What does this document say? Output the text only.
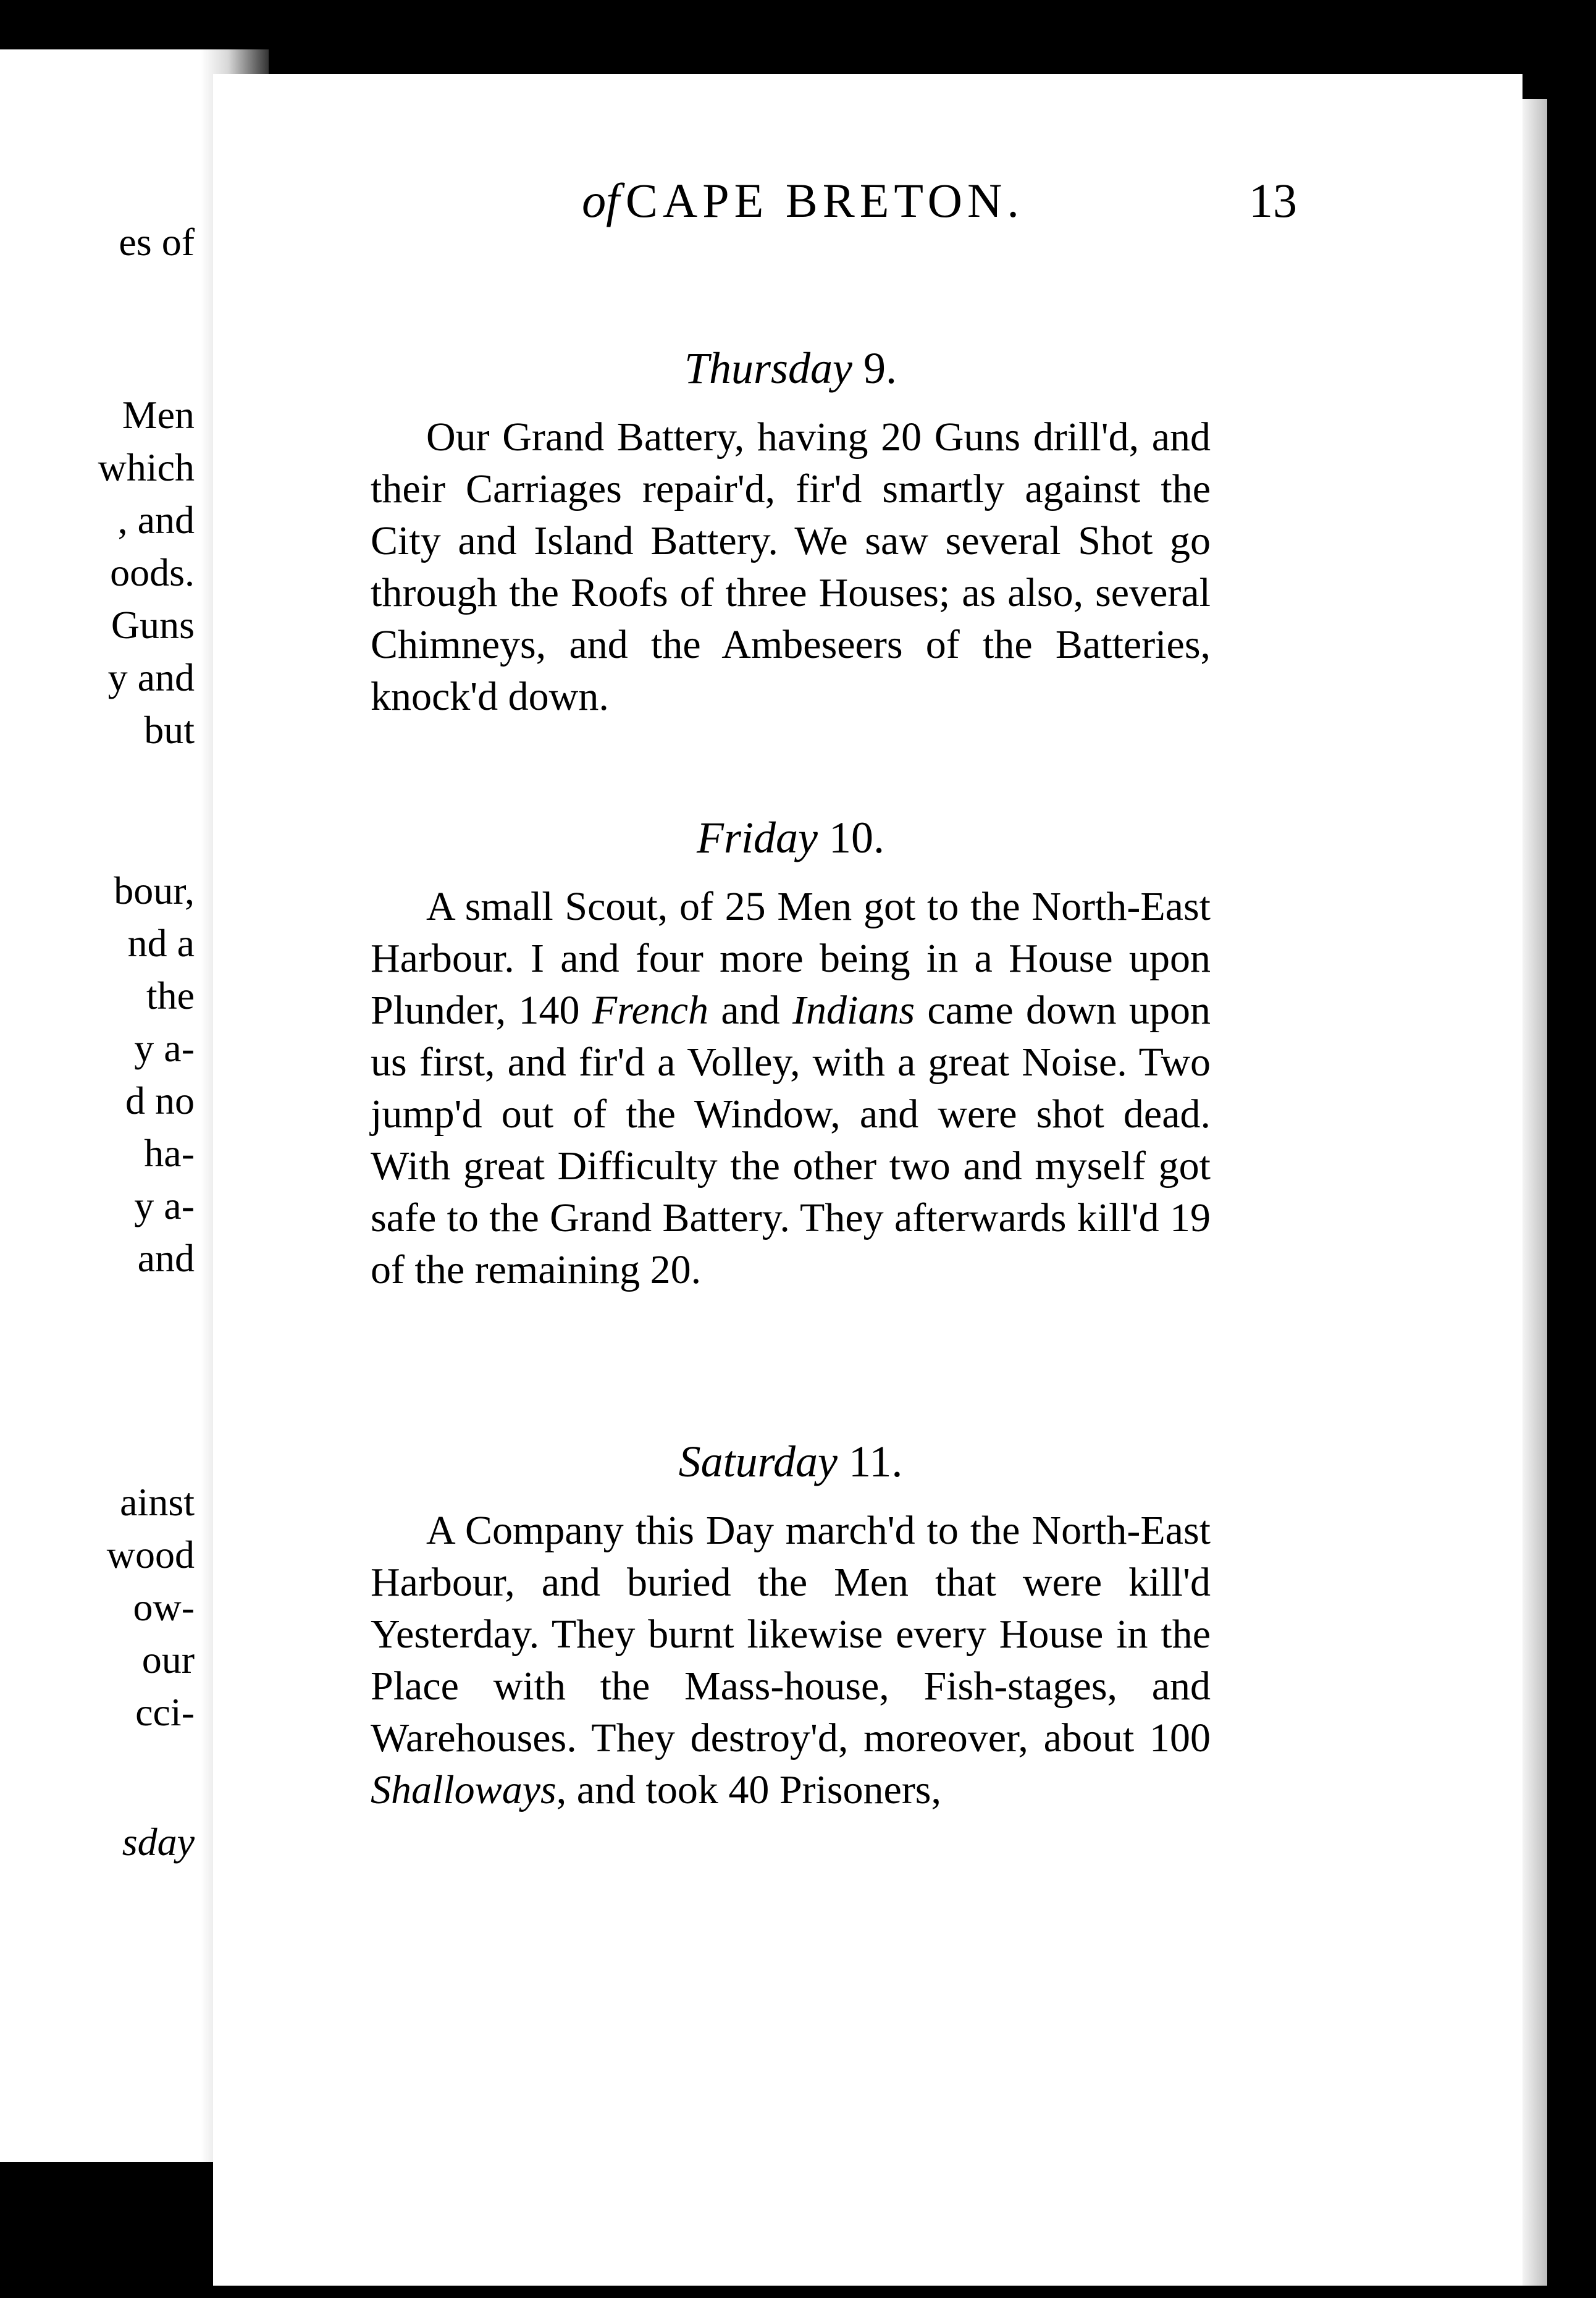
es of
Men
which
, and
oods.
Guns
y and
but
bour,
nd a
the
y a-
d no
ha-
y a-
and
ainst
wood
ow-
our
cci-
sday
of CAPE BRETON.	13
Thursday 9.
Our Grand Battery, having 20 Guns drill'd, and their Carriages repair'd, fir'd smartly against the City and Island Battery. We saw several Shot go through the Roofs of three Houses; as also, several Chimneys, and the Ambeseers of the Batteries, knock'd down.
Friday 10.
A small Scout, of 25 Men got to the North-East Harbour. I and four more being in a House upon Plunder, 140 French and Indians came down upon us first, and fir'd a Volley, with a great Noise. Two jump'd out of the Window, and were shot dead. With great Difficulty the other two and myself got safe to the Grand Battery. They afterwards kill'd 19 of the remaining 20.
Saturday 11.
A Company this Day march'd to the North-East Harbour, and buried the Men that were kill'd Yesterday. They burnt likewise every House in the Place with the Mass-house, Fish-stages, and Warehouses. They destroy'd, moreover, about 100 Shalloways, and took 40 Prisoners,
